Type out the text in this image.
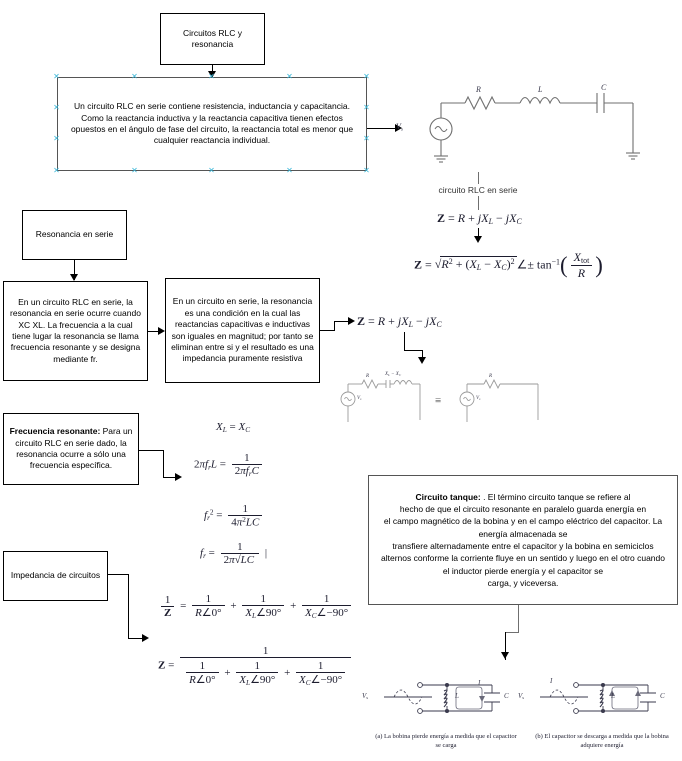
Circuitos RLC y resonancia
Un circuito RLC en serie contiene resistencia, inductancia y capacitancia. Como la reactancia inductiva y la reactancia capacitiva tienen efectos opuestos en el ángulo de fase del circuito, la reactancia total es menor que cualquier reactancia individual.
✕	✕	✕	✕	✕
✕	✕
✕	✕
✕	✕	✕	✕	✕
$V_s$
R	L	C
circuito RLC en serie
$Z = R + jX_L - jX_C$
$Z = √R^2 + (X_L - X_C)^2$ ∠± $\tan^{-1}( \frac{X_{tot}}{R}$ )
Resonancia en serie
En un circuito RLC en serie, la resonancia en serie ocurre cuando XC XL. La frecuencia a la cual tiene lugar la resonancia se llama frecuencia resonante y se designa mediante fr.
En un circuito en serie, la resonancia es una condición en la cual las reactancias capacitivas e inductivas son iguales en magnitud; por tanto se eliminan entre si y el resultado es una impedancia puramente resistiva
$Z = R + jX_L - jX_C$
≡
R	$X_L - X_C$
$V_s$
R
$V_s$
Frecuencia resonante: Para un circuito RLC en serie dado, la resonancia ocurre a sólo una frecuencia específica.
$X_L = X_C$
$2\pi f_rL = \frac{1}{2\pi f_rC}$
$f_r^2 = \frac{1}{4\pi^2LC}$
$f_r = \frac{1}{2\pi√LC}$ |
Impedancia de circuitos
$\frac{1}{Z} = \frac{1}{R\angle 0^\circ} + \frac{1}{X_L\angle 90^\circ} + \frac{1}{X_C\angle-90^\circ}$
$Z = \frac{1}{\frac{1}{R\angle 0^\circ} + \frac{1}{X_L\angle 90^\circ} + \frac{1}{X_C\angle-90^\circ}}$
Circuito tanque: . El término circuito tanque se refiere al
hecho de que el circuito resonante en paralelo guarda energía en
el campo magnético de la bobina y en el campo eléctrico del capacitor. La energía almacenada se
transfiere alternadamente entre el capacitor y la bobina en semiciclos alternos conforme la corriente fluye en un sentido y luego en el otro cuando el inductor pierde energía y el capacitor se
carga, y viceversa.
$V_s$
I
L	C
(a) La bobina pierde energía a medida que el capacitor se carga
$V_s$
I
L	C
(b) El capacitor se descarga a medida que la bobina adquiere energía
